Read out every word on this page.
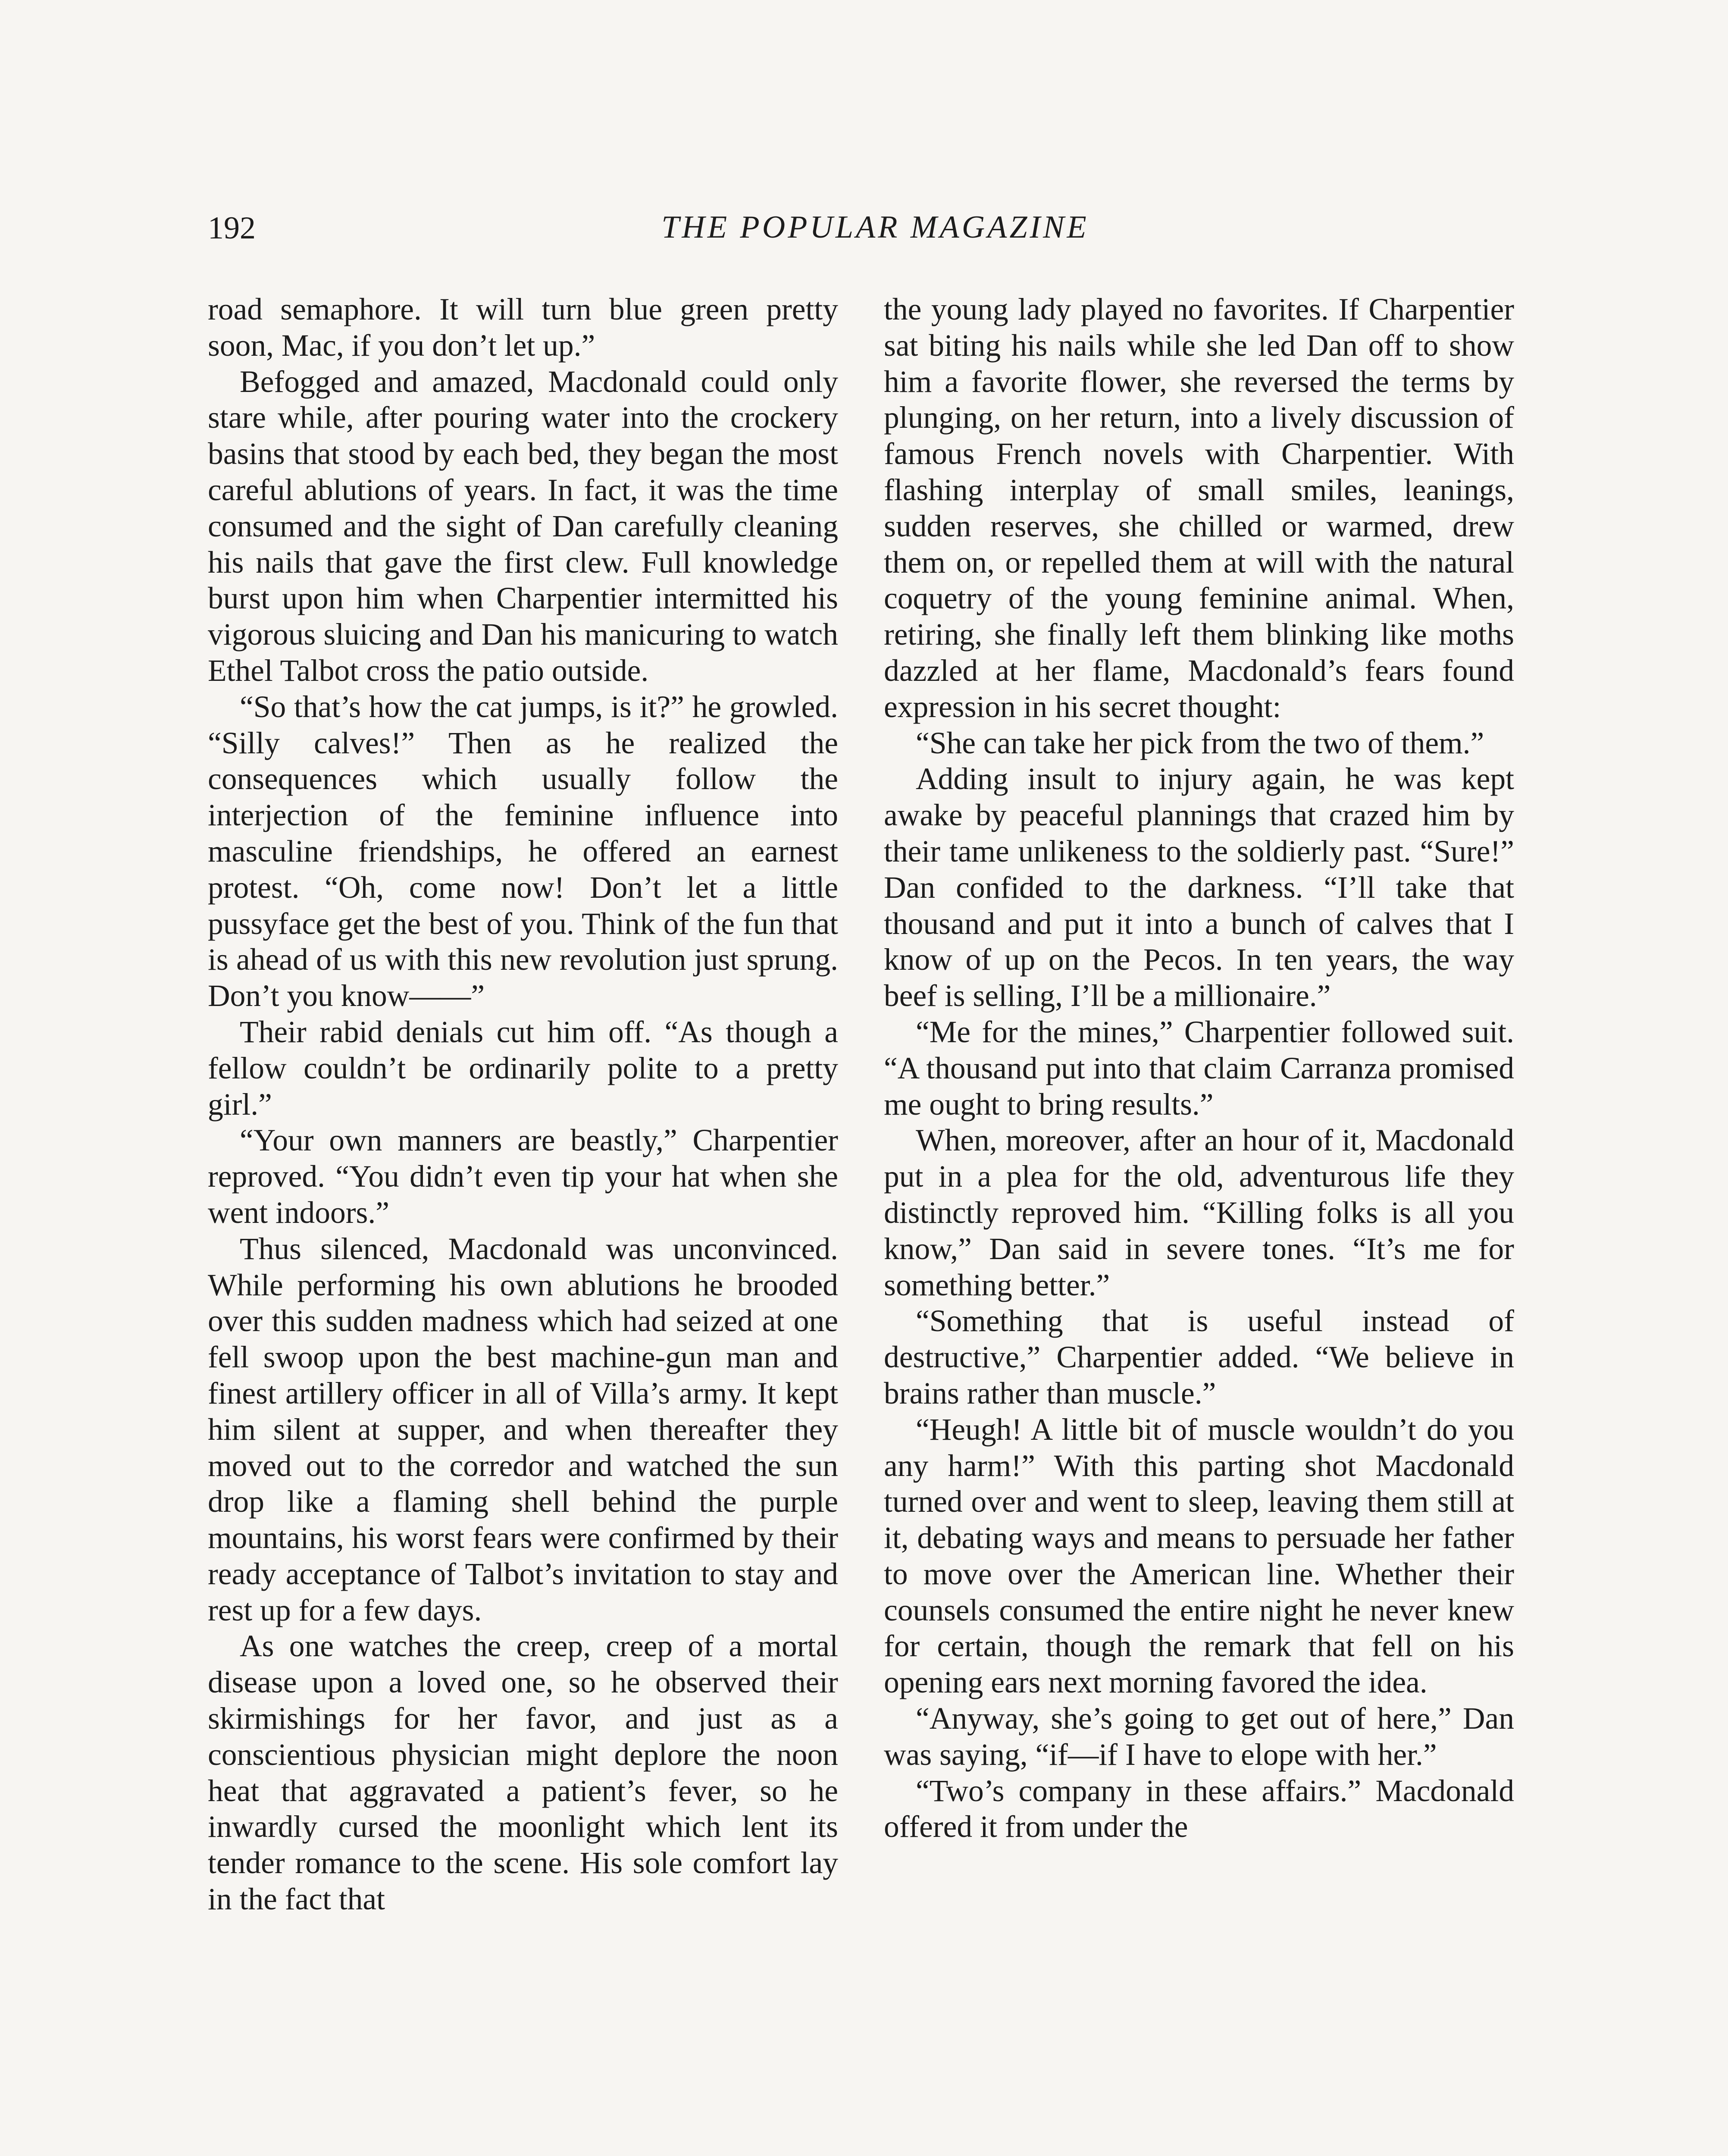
192	THE POPULAR MAGAZINE

road semaphore. It will turn blue green pretty soon, Mac, if you don’t let up.”

Befogged and amazed, Macdonald could only stare while, after pouring water into the crockery basins that stood by each bed, they began the most careful ablutions of years. In fact, it was the time consumed and the sight of Dan carefully cleaning his nails that gave the first clew. Full knowledge burst upon him when Charpentier intermitted his vigorous sluicing and Dan his manicuring to watch Ethel Talbot cross the patio outside.

“So that’s how the cat jumps, is it?” he growled. “Silly calves!” Then as he realized the consequences which usually follow the interjection of the feminine influence into masculine friendships, he offered an earnest protest. “Oh, come now! Don’t let a little pussyface get the best of you. Think of the fun that is ahead of us with this new revolution just sprung. Don’t you know——”

Their rabid denials cut him off. “As though a fellow couldn’t be ordinarily polite to a pretty girl.”

“Your own manners are beastly,” Charpentier reproved. “You didn’t even tip your hat when she went indoors.”

Thus silenced, Macdonald was unconvinced. While performing his own ablutions he brooded over this sudden madness which had seized at one fell swoop upon the best machine-gun man and finest artillery officer in all of Villa’s army. It kept him silent at supper, and when thereafter they moved out to the corredor and watched the sun drop like a flaming shell behind the purple mountains, his worst fears were confirmed by their ready acceptance of Talbot’s invitation to stay and rest up for a few days.

As one watches the creep, creep of a mortal disease upon a loved one, so he observed their skirmishings for her favor, and just as a conscientious physician might deplore the noon heat that aggravated a patient’s fever, so he inwardly cursed the moonlight which lent its tender romance to the scene. His sole comfort lay in the fact that

the young lady played no favorites. If Charpentier sat biting his nails while she led Dan off to show him a favorite flower, she reversed the terms by plunging, on her return, into a lively discussion of famous French novels with Charpentier. With flashing interplay of small smiles, leanings, sudden reserves, she chilled or warmed, drew them on, or repelled them at will with the natural coquetry of the young feminine animal. When, retiring, she finally left them blinking like moths dazzled at her flame, Macdonald’s fears found expression in his secret thought:

“She can take her pick from the two of them.”

Adding insult to injury again, he was kept awake by peaceful plannings that crazed him by their tame unlikeness to the soldierly past. “Sure!” Dan confided to the darkness. “I’ll take that thousand and put it into a bunch of calves that I know of up on the Pecos. In ten years, the way beef is selling, I’ll be a millionaire.”

“Me for the mines,” Charpentier followed suit. “A thousand put into that claim Carranza promised me ought to bring results.”

When, moreover, after an hour of it, Macdonald put in a plea for the old, adventurous life they distinctly reproved him. “Killing folks is all you know,” Dan said in severe tones. “It’s me for something better.”

“Something that is useful instead of destructive,” Charpentier added. “We believe in brains rather than muscle.”

“Heugh! A little bit of muscle wouldn’t do you any harm!” With this parting shot Macdonald turned over and went to sleep, leaving them still at it, debating ways and means to persuade her father to move over the American line. Whether their counsels consumed the entire night he never knew for certain, though the remark that fell on his opening ears next morning favored the idea.

“Anyway, she’s going to get out of here,” Dan was saying, “if—if I have to elope with her.”

“Two’s company in these affairs.” Macdonald offered it from under the
